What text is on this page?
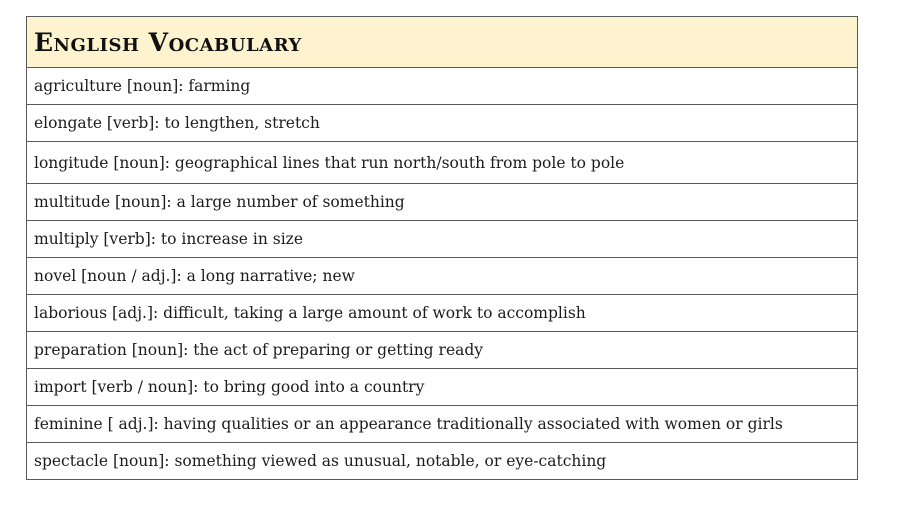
English Vocabulary
agriculture [noun]: farming
elongate [verb]: to lengthen, stretch
longitude [noun]: geographical lines that run north/south from pole to pole
multitude [noun]: a large number of something
multiply [verb]: to increase in size
novel [noun / adj.]: a long narrative; new
laborious [adj.]: difficult, taking a large amount of work to accomplish
preparation [noun]: the act of preparing or getting ready
import [verb / noun]: to bring good into a country
feminine [ adj.]: having qualities or an appearance traditionally associated with women or girls
spectacle [noun]: something viewed as unusual, notable, or eye-catching
